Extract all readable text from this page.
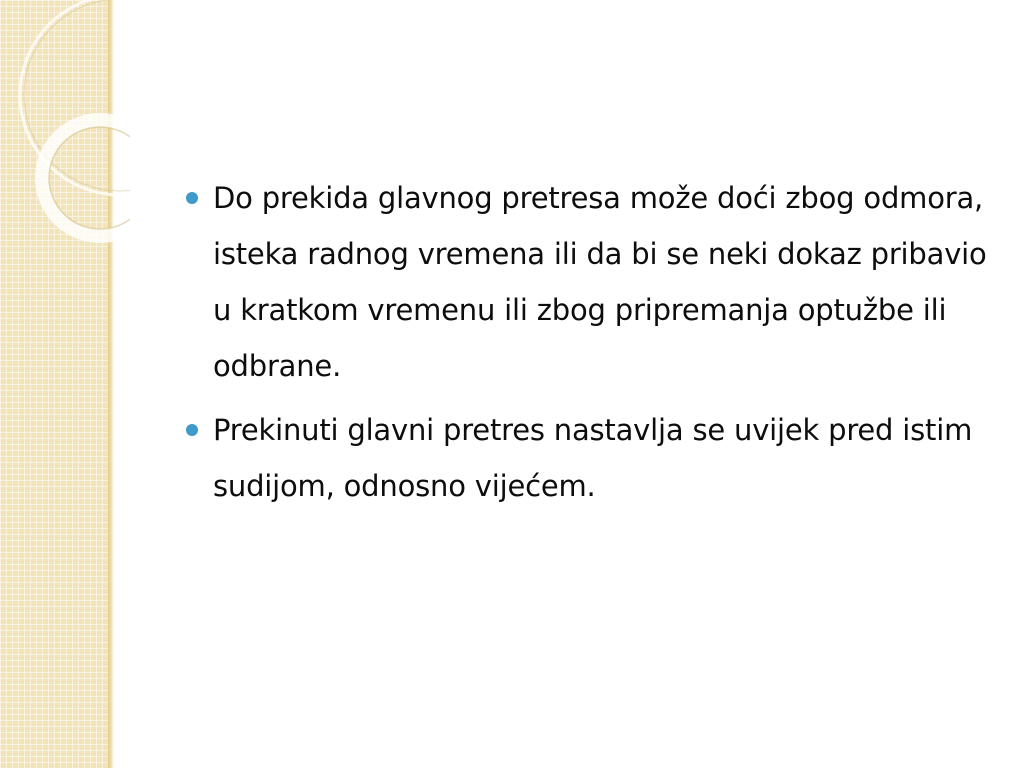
Do prekida glavnog pretresa može doći zbog odmora, isteka radnog vremena ili da bi se neki dokaz pribavio u kratkom vremenu ili zbog pripremanja optužbe ili odbrane.
Prekinuti glavni pretres nastavlja se uvijek pred istim sudijom, odnosno vijećem.
